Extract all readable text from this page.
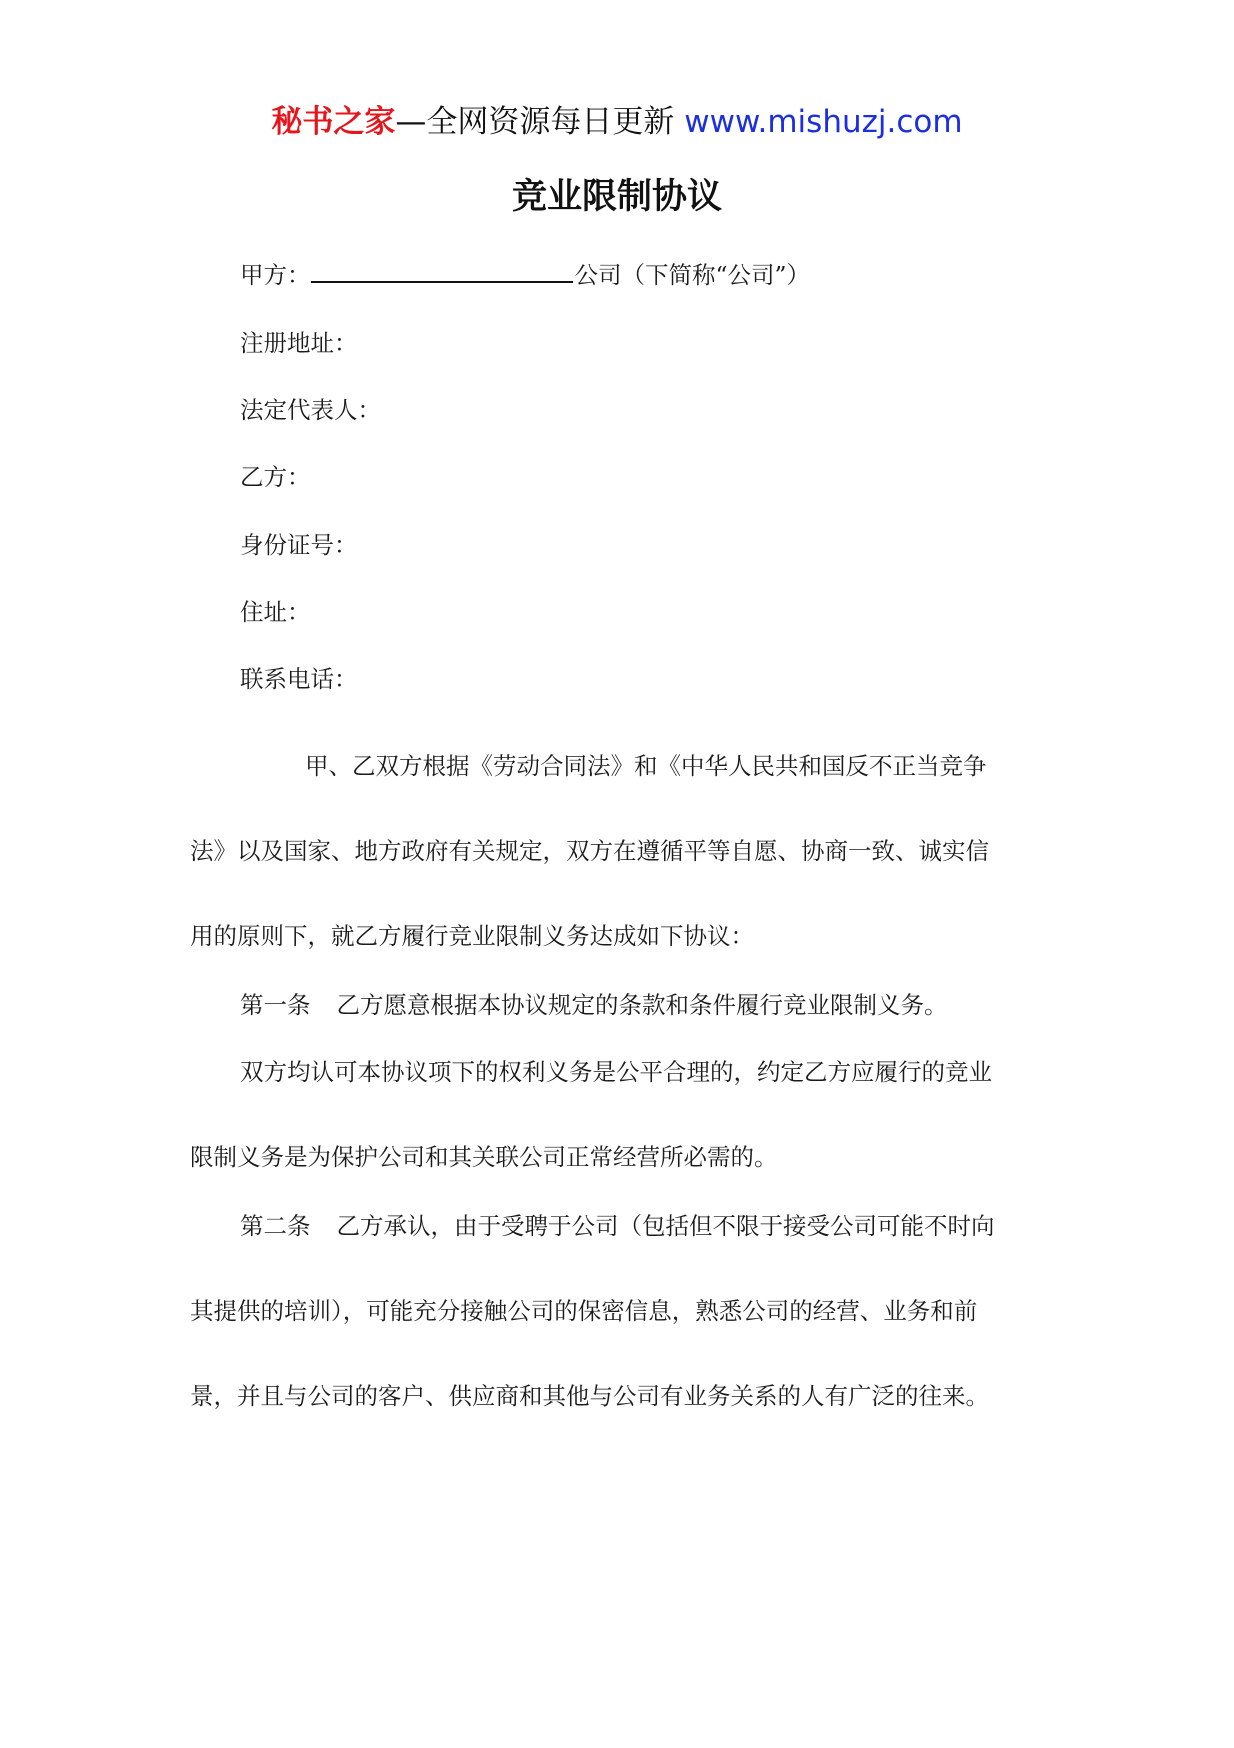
秘书之家—全网资源每日更新 www.mishuzj.com
竞业限制协议
甲方：	公司（下简称“公司”）
注册地址：
法定代表人：
乙方：
身份证号：
住址：
联系电话：
甲、乙双方根据《劳动合同法》和《中华人民共和国反不正当竞争
法》以及国家、地方政府有关规定，双方在遵循平等自愿、协商一致、诚实信
用的原则下，就乙方履行竞业限制义务达成如下协议：
第一条 乙方愿意根据本协议规定的条款和条件履行竞业限制义务。
双方均认可本协议项下的权利义务是公平合理的，约定乙方应履行的竞业
限制义务是为保护公司和其关联公司正常经营所必需的。
第二条 乙方承认，由于受聘于公司（包括但不限于接受公司可能不时向
其提供的培训），可能充分接触公司的保密信息，熟悉公司的经营、业务和前
景，并且与公司的客户、供应商和其他与公司有业务关系的人有广泛的往来。
